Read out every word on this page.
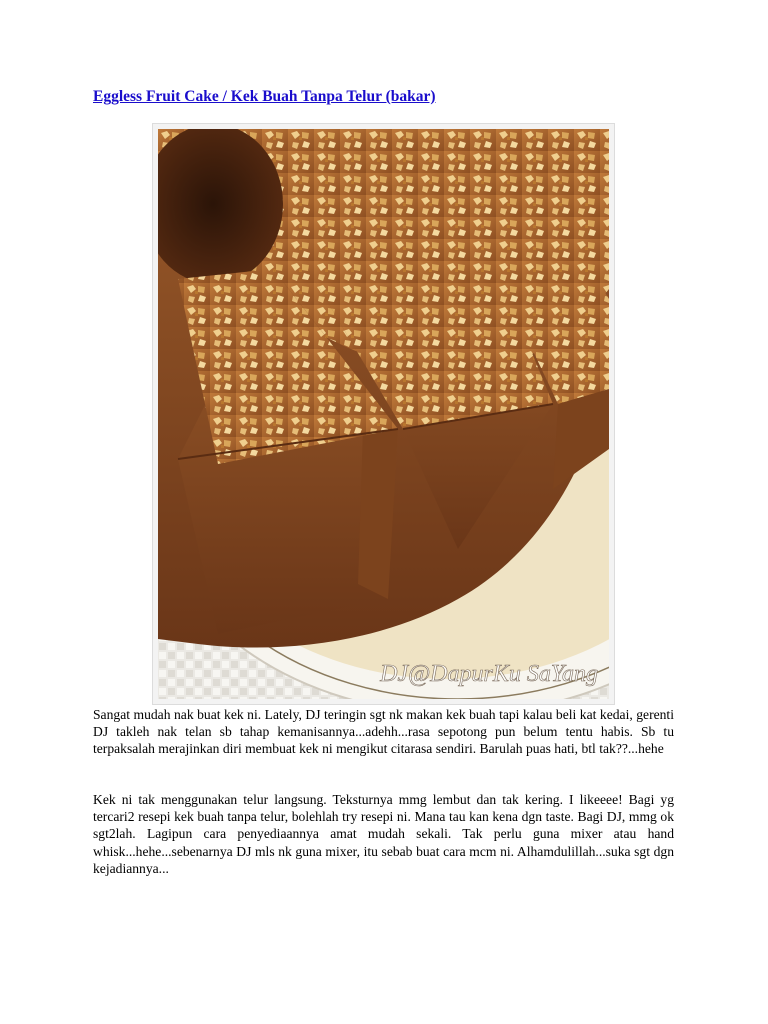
Eggless Fruit Cake / Kek Buah Tanpa Telur (bakar)
DJ@DapurKu SaYang

Sangat mudah nak buat kek ni. Lately, DJ teringin sgt nk makan kek buah tapi kalau beli kat kedai, gerenti DJ takleh nak telan sb tahap kemanisannya...adehh...rasa sepotong pun belum tentu habis. Sb tu terpaksalah merajinkan diri membuat kek ni mengikut citarasa sendiri. Barulah puas hati, btl tak??...hehe

Kek ni tak menggunakan telur langsung. Teksturnya mmg lembut dan tak kering. I likeeee! Bagi yg tercari2 resepi kek buah tanpa telur, bolehlah try resepi ni. Mana tau kan kena dgn taste. Bagi DJ, mmg ok sgt2lah. Lagipun cara penyediaannya amat mudah sekali. Tak perlu guna mixer atau hand whisk...hehe...sebenarnya DJ mls nk guna mixer, itu sebab buat cara mcm ni. Alhamdulillah...suka sgt dgn kejadiannya...
